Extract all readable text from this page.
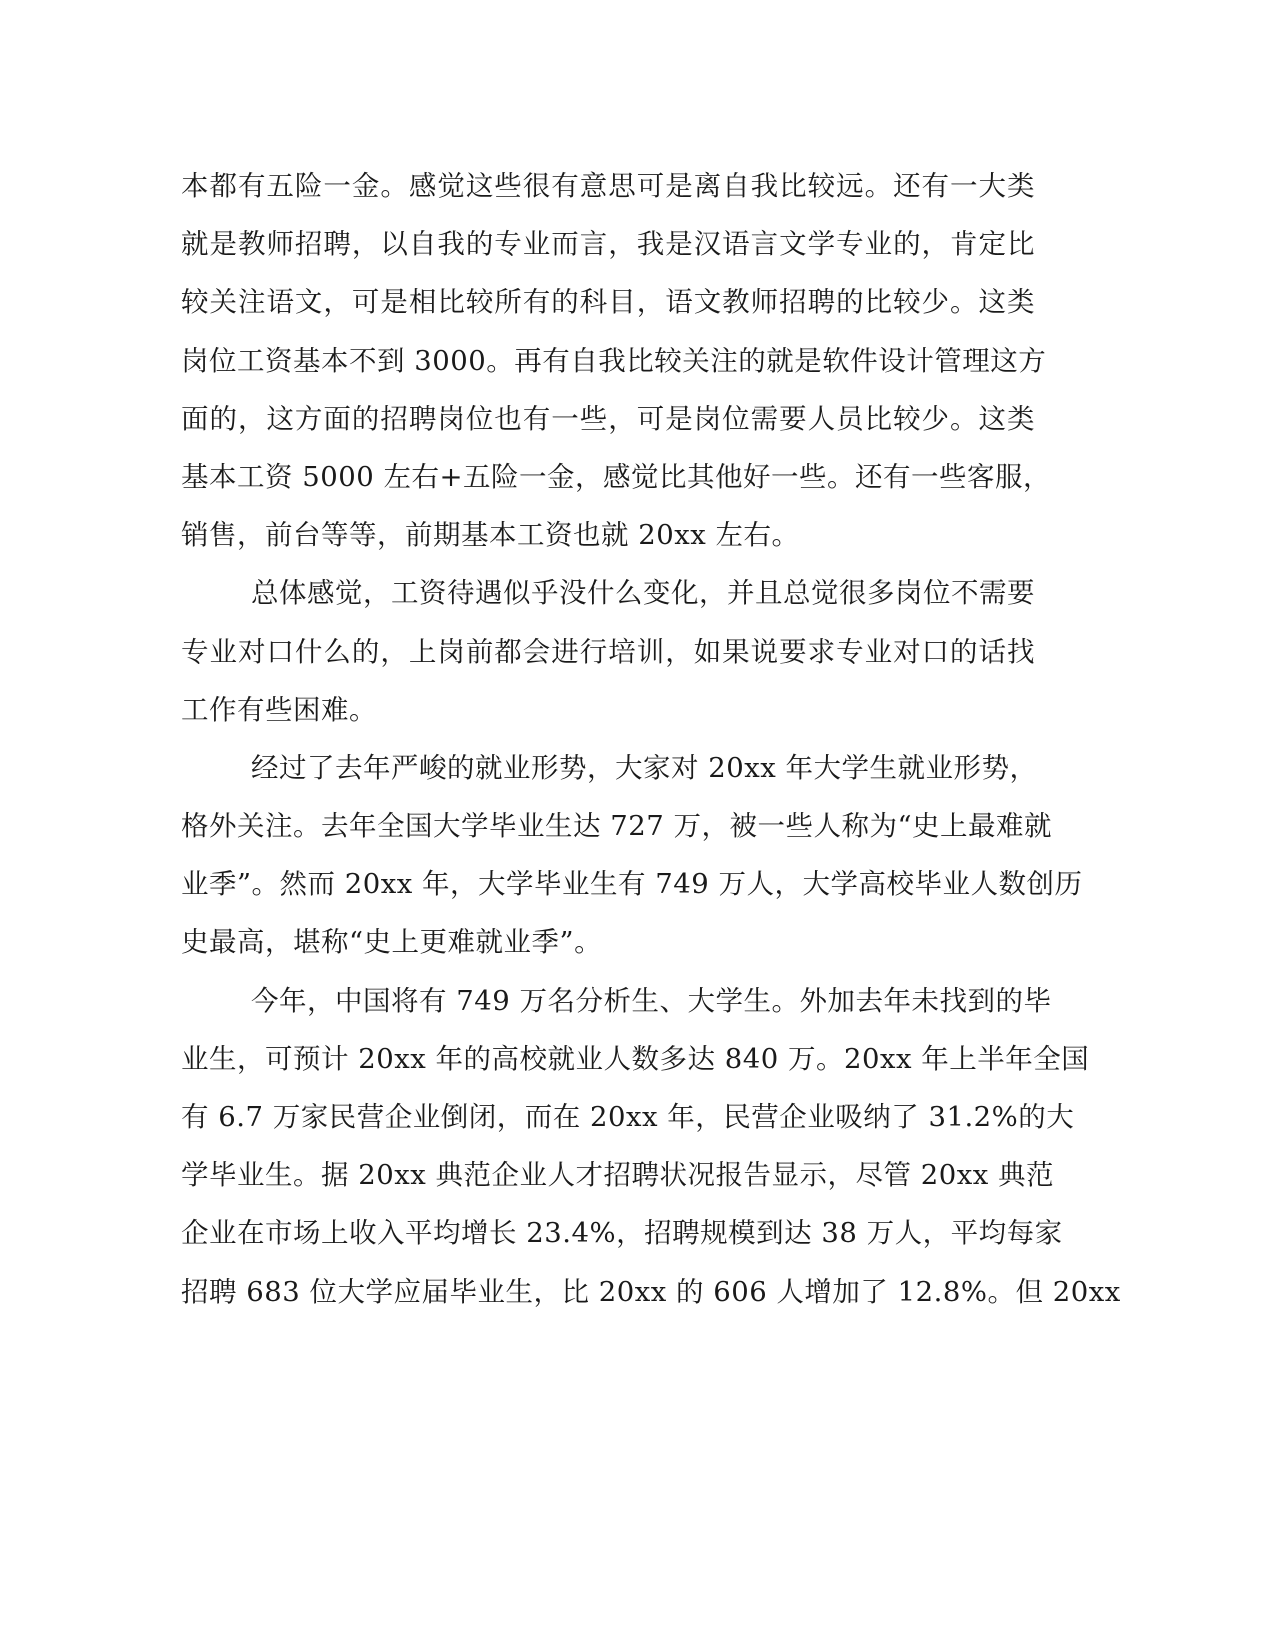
本都有五险一金。感觉这些很有意思可是离自我比较远。还有一大类
就是教师招聘，以自我的专业而言，我是汉语言文学专业的，肯定比
较关注语文，可是相比较所有的科目，语文教师招聘的比较少。这类
岗位工资基本不到 3000。再有自我比较关注的就是软件设计管理这方
面的，这方面的招聘岗位也有一些，可是岗位需要人员比较少。这类
基本工资 5000 左右+五险一金，感觉比其他好一些。还有一些客服，
销售，前台等等，前期基本工资也就 20xx 左右。
总体感觉，工资待遇似乎没什么变化，并且总觉很多岗位不需要
专业对口什么的，上岗前都会进行培训，如果说要求专业对口的话找
工作有些困难。
经过了去年严峻的就业形势，大家对 20xx 年大学生就业形势，
格外关注。去年全国大学毕业生达 727 万，被一些人称为“史上最难就
业季”。然而 20xx 年，大学毕业生有 749 万人，大学高校毕业人数创历
史最高，堪称“史上更难就业季”。
今年，中国将有 749 万名分析生、大学生。外加去年未找到的毕
业生，可预计 20xx 年的高校就业人数多达 840 万。20xx 年上半年全国
有 6.7 万家民营企业倒闭，而在 20xx 年，民营企业吸纳了 31.2%的大
学毕业生。据 20xx 典范企业人才招聘状况报告显示，尽管 20xx 典范
企业在市场上收入平均增长 23.4%，招聘规模到达 38 万人，平均每家
招聘 683 位大学应届毕业生，比 20xx 的 606 人增加了 12.8%。但 20xx
